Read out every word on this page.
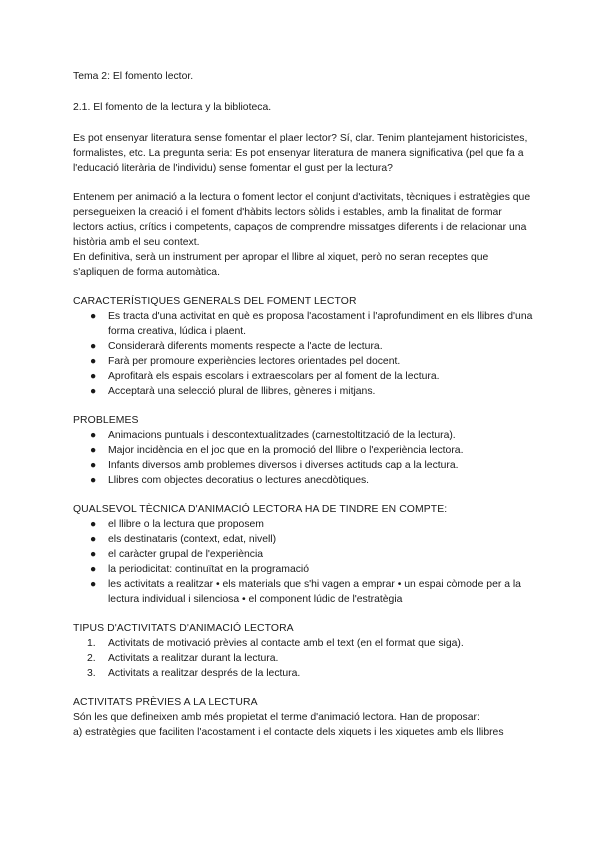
Tema 2: El fomento lector.

2.1. El fomento de la lectura y la biblioteca.

Es pot ensenyar literatura sense fomentar el plaer lector? Sí, clar. Tenim plantejament historicistes, formalistes, etc. La pregunta seria: Es pot ensenyar literatura de manera significativa (pel que fa a l'educació literària de l'individu) sense fomentar el gust per la lectura?

Entenem per animació a la lectura o foment lector el conjunt d'activitats, tècniques i estratègies que persegueixen la creació i el foment d'hàbits lectors sòlids i estables, amb la finalitat de formar lectors actius, crítics i competents, capaços de comprendre missatges diferents i de relacionar una història amb el seu context.

En definitiva, serà un instrument per apropar el llibre al xiquet, però no seran receptes que s'apliquen de forma automàtica.

CARACTERÍSTIQUES GENERALS DEL FOMENT LECTOR

● Es tracta d'una activitat en què es proposa l'acostament i l'aprofundiment en els llibres d'una forma creativa, lúdica i plaent.
● Considerarà diferents moments respecte a l'acte de lectura.
● Farà per promoure experiències lectores orientades pel docent.
● Aprofitarà els espais escolars i extraescolars per al foment de la lectura.
● Acceptarà una selecció plural de llibres, gèneres i mitjans.

PROBLEMES

● Animacions puntuals i descontextualitzades (carnestoltització de la lectura).
● Major incidència en el joc que en la promoció del llibre o l'experiència lectora.
● Infants diversos amb problemes diversos i diverses actituds cap a la lectura.
● Llibres com objectes decoratius o lectures anecdòtiques.

QUALSEVOL TÈCNICA D'ANIMACIÓ LECTORA HA DE TINDRE EN COMPTE:

● el llibre o la lectura que proposem
● els destinataris (context, edat, nivell)
● el caràcter grupal de l'experiència
● la periodicitat: continuïtat en la programació
● les activitats a realitzar • els materials que s'hi vagen a emprar • un espai còmode per a la lectura individual i silenciosa • el component lúdic de l'estratègia

TIPUS D'ACTIVITATS D'ANIMACIÓ LECTORA

1. Activitats de motivació prèvies al contacte amb el text (en el format que siga).
2. Activitats a realitzar durant la lectura.
3. Activitats a realitzar després de la lectura.

ACTIVITATS PRÈVIES A LA LECTURA

Són les que defineixen amb més propietat el terme d'animació lectora. Han de proposar:

a) estratègies que faciliten l'acostament i el contacte dels xiquets i les xiquetes amb els llibres
